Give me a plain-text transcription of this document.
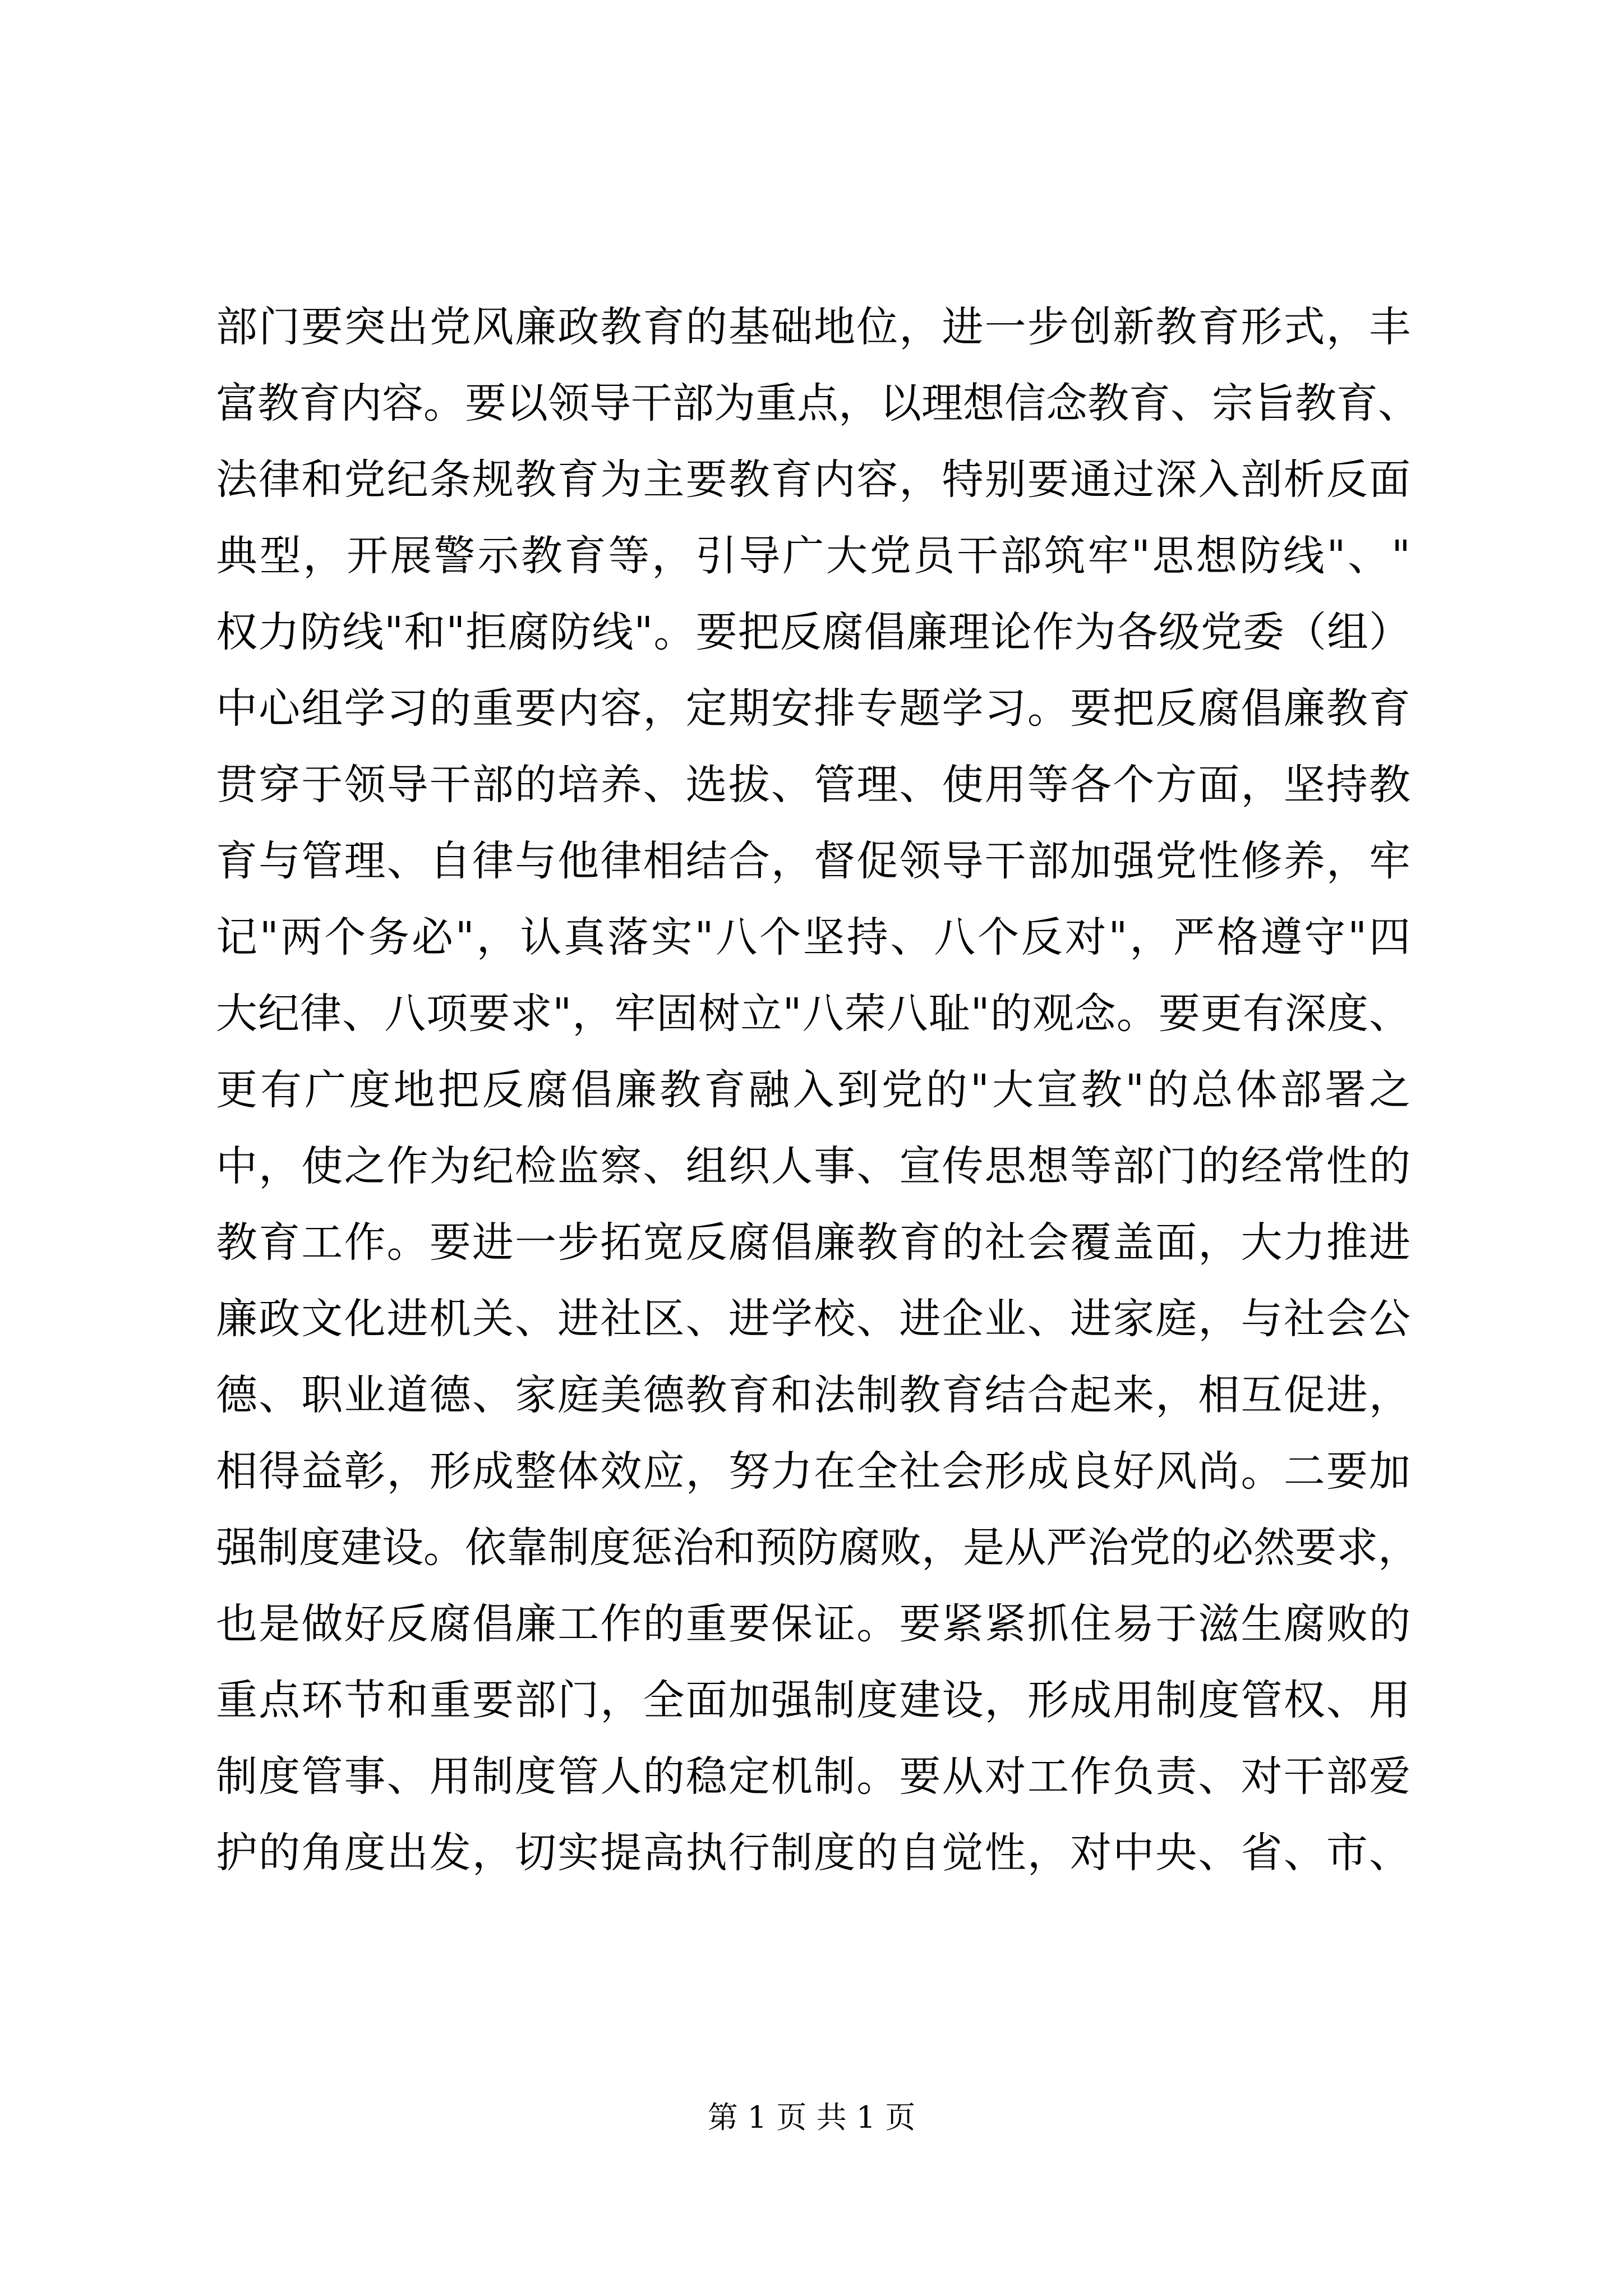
部门要突出党风廉政教育的基础地位，进一步创新教育形式，丰
富教育内容。要以领导干部为重点，以理想信念教育、宗旨教育、
法律和党纪条规教育为主要教育内容，特别要通过深入剖析反面
典型，开展警示教育等，引导广大党员干部筑牢"思想防线"、"
权力防线"和"拒腐防线"。要把反腐倡廉理论作为各级党委（组）
中心组学习的重要内容，定期安排专题学习。要把反腐倡廉教育
贯穿于领导干部的培养、选拔、管理、使用等各个方面，坚持教
育与管理、自律与他律相结合，督促领导干部加强党性修养，牢
记"两个务必"，认真落实"八个坚持、八个反对"，严格遵守"四
大纪律、八项要求"，牢固树立"八荣八耻"的观念。要更有深度、
更有广度地把反腐倡廉教育融入到党的"大宣教"的总体部署之
中，使之作为纪检监察、组织人事、宣传思想等部门的经常性的
教育工作。要进一步拓宽反腐倡廉教育的社会覆盖面，大力推进
廉政文化进机关、进社区、进学校、进企业、进家庭，与社会公
德、职业道德、家庭美德教育和法制教育结合起来，相互促进，
相得益彰，形成整体效应，努力在全社会形成良好风尚。二要加
强制度建设。依靠制度惩治和预防腐败，是从严治党的必然要求，
也是做好反腐倡廉工作的重要保证。要紧紧抓住易于滋生腐败的
重点环节和重要部门，全面加强制度建设，形成用制度管权、用
制度管事、用制度管人的稳定机制。要从对工作负责、对干部爱
护的角度出发，切实提高执行制度的自觉性，对中央、省、市、
第 1 页 共 1 页
